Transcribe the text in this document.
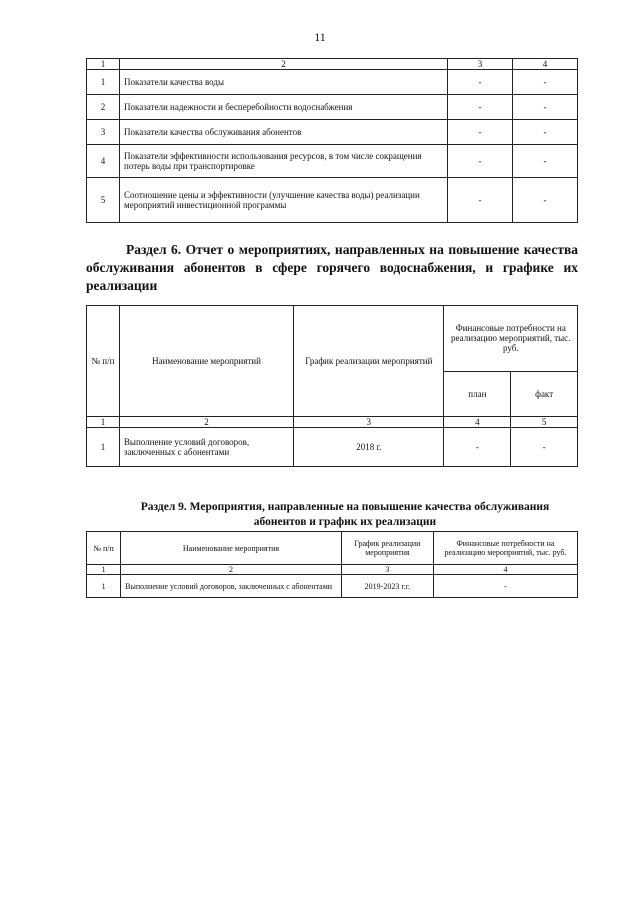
11
1	2	3	4
1	Показатели качества воды	-	-
2	Показатели надежности и бесперебойности водоснабжения	-	-
3	Показатели качества обслуживания абонентов	-	-
4	Показатели эффективности использования ресурсов, в том числе сокращения потерь воды при транспортировке	-	-
5	Соотношение цены и эффективности (улучшение качества воды) реализации мероприятий инвестиционной программы	-	-
Раздел 6. Отчет о мероприятиях, направленных на повышение качества обслуживания абонентов в сфере горячего водоснабжения, и графике их реализации
№ п/п	Наименование мероприятий	График реализации мероприятий	Финансовые потребности на реализацию мероприятий, тыс. руб.	
			план	факт
1	2	3	4	5
1	Выполнение условий договоров, заключенных с абонентами	2018 г.	-	-
Раздел 9. Мероприятия, направленные на повышение качества обслуживания абонентов и график их реализации
№ п/п	Наименование мероприятия	График реализации мероприятия	Финансовые потребности на реализацию мероприятий, тыс. руб.
1	2	3	4
1	Выполнение условий договоров, заключенных с абонентами	2019-2023 г.г.	-
